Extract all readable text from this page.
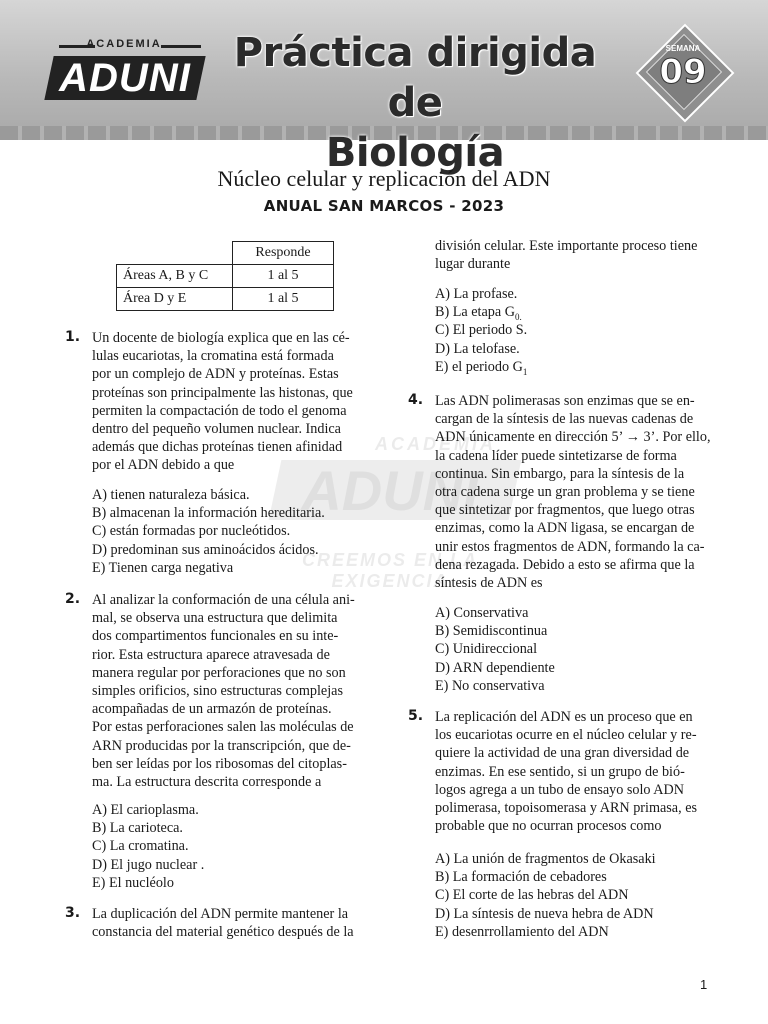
ACADEMIA
ADUNI
Práctica dirigida de
Biología
SEMANA
09
Núcleo celular y replicación del ADN
ANUAL SAN MARCOS - 2023
	Responde
Áreas A, B y C	1 al 5
Área D y E	1 al 5
ACADEMIA
ADUNI
CREEMOS EN LA EXIGENCIA
1. Un docente de biología explica que en las cé-
lulas eucariotas, la cromatina está formada
por un complejo de ADN y proteínas. Estas
proteínas son principalmente las histonas, que
permiten la compactación de todo el genoma
dentro del pequeño volumen nuclear. Indica
además que dichas proteínas tienen afinidad
por el ADN debido a que
A) tienen naturaleza básica.
B) almacenan la información hereditaria.
C) están formadas por nucleótidos.
D) predominan sus aminoácidos ácidos.
E) Tienen carga negativa
2. Al analizar la conformación de una célula ani-
mal, se observa una estructura que delimita
dos compartimentos funcionales en su inte-
rior. Esta estructura aparece atravesada de
manera regular por perforaciones que no son
simples orificios, sino estructuras complejas
acompañadas de un armazón de proteínas.
Por estas perforaciones salen las moléculas de
ARN producidas por la transcripción, que de-
ben ser leídas por los ribosomas del citoplas-
ma. La estructura descrita corresponde a
A) El carioplasma.
B) La carioteca.
C) La cromatina.
D) El jugo nuclear .
E) El nucléolo
3. La duplicación del ADN permite mantener la
constancia del material genético después de la
división celular. Este importante proceso tiene
lugar durante
A) La profase.
B) La etapa $G_{0.}$
C) El periodo S.
D) La telofase.
E) el periodo $G_1$
4. Las ADN polimerasas son enzimas que se en-
cargan de la síntesis de las nuevas cadenas de
ADN únicamente en dirección 5’ → 3’. Por ello,
la cadena líder puede sintetizarse de forma
continua. Sin embargo, para la síntesis de la
otra cadena surge un gran problema y se tiene
que sintetizar por fragmentos, que luego otras
enzimas, como la ADN ligasa, se encargan de
unir estos fragmentos de ADN, formando la ca-
dena rezagada. Debido a esto se afirma que la
síntesis de ADN es
A) Conservativa
B) Semidiscontinua
C) Unidireccional
D) ARN dependiente
E) No conservativa
5. La replicación del ADN es un proceso que en
los eucariotas ocurre en el núcleo celular y re-
quiere la actividad de una gran diversidad de
enzimas. En ese sentido, si un grupo de bió-
logos agrega a un tubo de ensayo solo ADN
polimerasa, topoisomerasa y ARN primasa, es
probable que no ocurran procesos como
A) La unión de fragmentos de Okasaki
B) La formación de cebadores
C) El corte de las hebras del ADN
D) La síntesis de nueva hebra de ADN
E) desenrrollamiento del ADN
1
